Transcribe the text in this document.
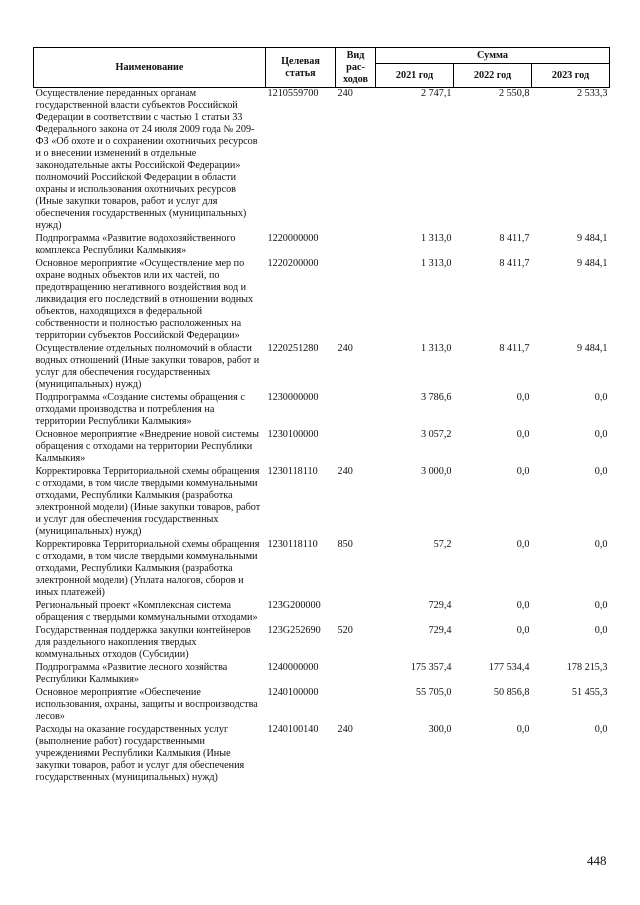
Наименование	Целевая статья	Вид рас-ходов	Сумма		
			2021 год	2022 год	2023 год
Осуществление переданных органам государственной власти субъектов Российской Федерации в соответствии с частью 1 статьи 33 Федерального закона от 24 июля 2009 года № 209-ФЗ «Об охоте и о сохранении охотничьих ресурсов и о внесении изменений в отдельные законодательные акты Российской Федерации» полномочий Российской Федерации в области охраны и использования охотничьих ресурсов (Иные закупки товаров, работ и услуг для обеспечения государственных (муниципальных) нужд)	1210559700	240	2 747,1	2 550,8	2 533,3
Подпрограмма «Развитие водохозяйственного комплекса Республики Калмыкия»	1220000000		1 313,0	8 411,7	9 484,1
Основное мероприятие «Осуществление мер по охране водных объектов или их частей, по предотвращению негативного воздействия вод и ликвидация его последствий в отношении водных объектов, находящихся в федеральной собственности и полностью расположенных на территории субъектов Российской Федерации»	1220200000		1 313,0	8 411,7	9 484,1
Осуществление отдельных полномочий в области водных отношений (Иные закупки товаров, работ и услуг для обеспечения государственных (муниципальных) нужд)	1220251280	240	1 313,0	8 411,7	9 484,1
Подпрограмма «Создание системы обращения с отходами производства и потребления на территории Республики Калмыкия»	1230000000		3 786,6	0,0	0,0
Основное мероприятие «Внедрение новой системы обращения с отходами на территории Республики Калмыкия»	1230100000		3 057,2	0,0	0,0
Корректировка Территориальной схемы обращения с отходами, в том числе твердыми коммунальными отходами, Республики Калмыкия (разработка электронной модели) (Иные закупки товаров, работ и услуг для обеспечения государственных (муниципальных) нужд)	1230118110	240	3 000,0	0,0	0,0
Корректировка Территориальной схемы обращения с отходами, в том числе твердыми коммунальными отходами, Республики Калмыкия (разработка электронной модели) (Уплата налогов, сборов и иных платежей)	1230118110	850	57,2	0,0	0,0
Региональный проект «Комплексная система обращения с твердыми коммунальными отходами»	123G200000		729,4	0,0	0,0
Государственная поддержка закупки контейнеров для раздельного накопления твердых коммунальных отходов (Субсидии)	123G252690	520	729,4	0,0	0,0
Подпрограмма «Развитие лесного хозяйства Республики Калмыкия»	1240000000		175 357,4	177 534,4	178 215,3
Основное мероприятие «Обеспечение использования, охраны, защиты и воспроизводства лесов»	1240100000		55 705,0	50 856,8	51 455,3
Расходы на оказание государственных услуг (выполнение работ) государственными учреждениями Республики Калмыкия (Иные закупки товаров, работ и услуг для обеспечения государственных (муниципальных) нужд)	1240100140	240	300,0	0,0	0,0
448
